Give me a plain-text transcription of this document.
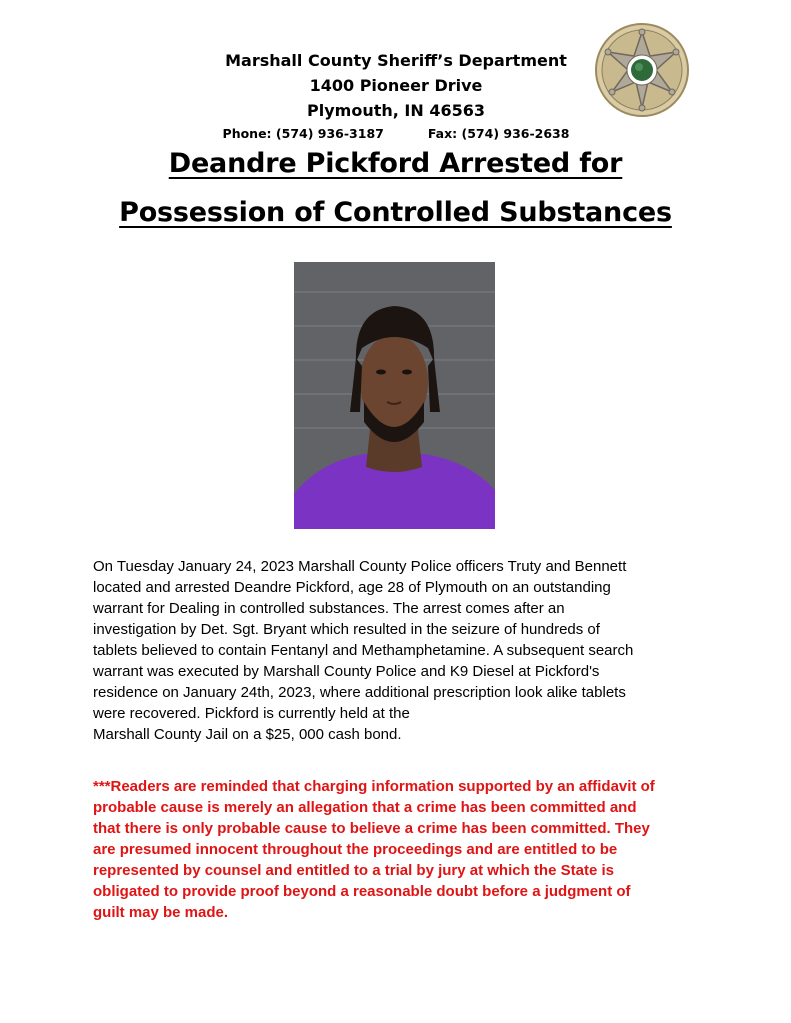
Marshall County Sheriff’s Department
1400 Pioneer Drive
Plymouth, IN 46563
Phone: (574) 936-3187	Fax: (574) 936-2638
Deandre Pickford Arrested for
Possession of Controlled Substances
On Tuesday January 24, 2023 Marshall County Police officers Truty and Bennett
located and arrested Deandre Pickford, age 28 of Plymouth on an outstanding
warrant for Dealing in controlled substances. The arrest comes after an
investigation by Det. Sgt. Bryant which resulted in the seizure of hundreds of
tablets believed to contain Fentanyl and Methamphetamine. A subsequent search
warrant was executed by Marshall County Police and K9 Diesel at Pickford's
residence on January 24th, 2023, where additional prescription look alike tablets
were recovered. Pickford is currently held at the
Marshall County Jail on a $25, 000 cash bond.
***Readers are reminded that charging information supported by an affidavit of
probable cause is merely an allegation that a crime has been committed and
that there is only probable cause to believe a crime has been committed. They
are presumed innocent throughout the proceedings and are entitled to be
represented by counsel and entitled to a trial by jury at which the State is
obligated to provide proof beyond a reasonable doubt before a judgment of
guilt may be made.
